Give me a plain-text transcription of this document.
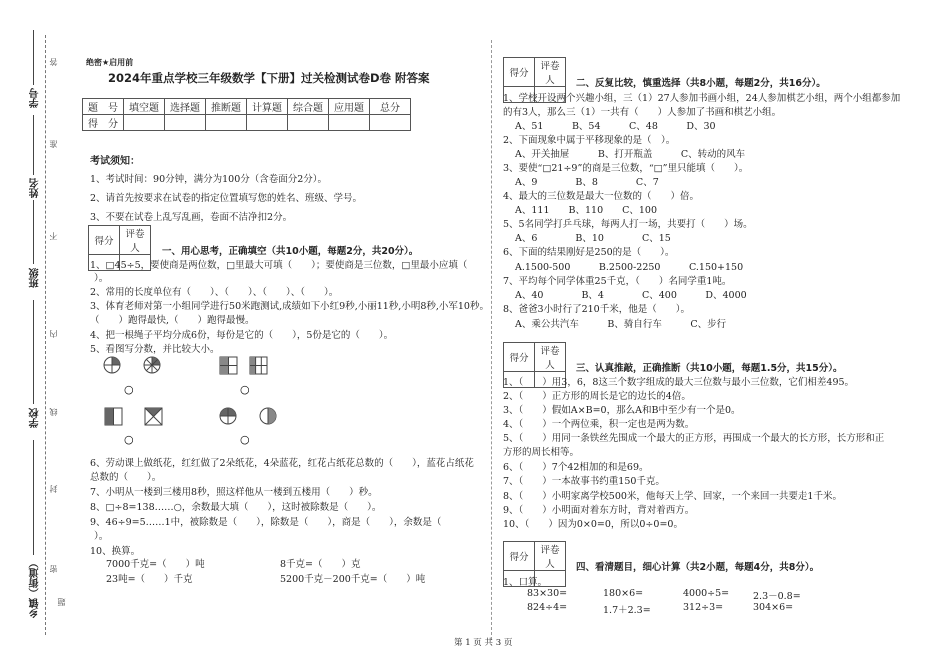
学号
姓名
班级
学校
乡镇（街道）
答
准
不
内
线
封
密
题
绝密★启用前
2024年重点学校三年级数学【下册】过关检测试卷D卷 附答案
题　号	填空题	选择题	推断题	计算题	综合题	应用题	总分
得　分							
考试须知：
1、考试时间：90分钟，满分为100分（含卷面分2分）。
2、请首先按要求在试卷的指定位置填写您的姓名、班级、学号。
3、不要在试卷上乱写乱画，卷面不洁净扣2分。
得分	评卷人
	一、用心思考，正确填空（共10小题，每题2分，共20分）。
1、□45÷5，要使商是两位数，□里最大可填（　　）；要使商是三位数，□里最小应填（
）。
2、常用的长度单位有（　　）、（　　）、（　　）、（　　）。
3、体育老师对第一小组同学进行50米跑测试,成绩如下小红9秒,小丽11秒,小明8秒,小军10秒。
（　　）跑得最快,（　　）跑得最慢。
4、把一根绳子平均分成6份，每份是它的（　　），5份是它的（　　）。
5、看图写分数，并比较大小。
○	○
○	○
6、劳动课上做纸花，红红做了2朵纸花，4朵蓝花，红花占纸花总数的（　　），蓝花占纸花
总数的（　　）。
7、小明从一楼到三楼用8秒，照这样他从一楼到五楼用（　　）秒。
8、□÷8=138……○，余数最大填（　　），这时被除数是（　　）。
9、46÷9=5……1中，被除数是（　　），除数是（　　），商是（　　），余数是（
）。
10、换算。
7000千克=（　　）吨	8千克=（　　）克
23吨=（　　）千克	5200千克－200千克=（　　）吨
得分	评卷人
	二、反复比较，慎重选择（共8小题，每题2分，共16分）。
1、学校开设两个兴趣小组，三（1）27人参加书画小组，24人参加棋艺小组，两个小组都参加
的有3人，那么三（1）一共有（　　）人参加了书画和棋艺小组。
A、51　　　B、54　　　C、48　　　D、30
2、下面现象中属于平移现象的是（　）。
A、开关抽屉　　　B、打开瓶盖　　　C、转动的风车
3、要使“□21÷9”的商是三位数，“□”里只能填（　　）。
A、9　　　　B、8　　　　C、7
4、最大的三位数是最大一位数的（　　）倍。
A、111　　B、110　　C、100
5、5名同学打乒乓球，每两人打一场，共要打（　　）场。
A、6　　　　B、10　　　　C、15
6、下面的结果刚好是250的是（　　）。
A.1500-500　　　B.2500-2250　　　C.150+150
7、平均每个同学体重25千克，（　　）名同学重1吨。
A、40　　　　B、4　　　　C、400　　　D、4000
8、爸爸3小时行了210千米，他是（　　）。
A、乘公共汽车　　　B、骑自行车　　　C、步行
得分	评卷人
	三、认真推敲，正确推断（共10小题，每题1.5分，共15分）。
1、（　　）用3，6，8这三个数字组成的最大三位数与最小三位数，它们相差495。
2、（　　）正方形的周长是它的边长的4倍。
3、（　　）假如A×B=0，那么A和B中至少有一个是0。
4、（　　）一个两位乘，积一定也是两为数。
5、（　　）用同一条铁丝先围成一个最大的正方形，再围成一个最大的长方形，长方形和正
方形的周长相等。
6、（　　）7个42相加的和是69。
7、（　　）一本故事书约重150千克。
8、（　　）小明家离学校500米，他每天上学、回家，一个来回一共要走1千米。
9、（　　）小明面对着东方时，背对着西方。
10、（　　）因为0×0=0，所以0÷0=0。
得分	评卷人
	四、看清题目，细心计算（共2小题，每题4分，共8分）。
1、口算。
83×30=	180×6=	4000÷5=	2.3－0.8=
824÷4=	1.7＋2.3=	312÷3=	304×6=
第 1 页 共 3 页
